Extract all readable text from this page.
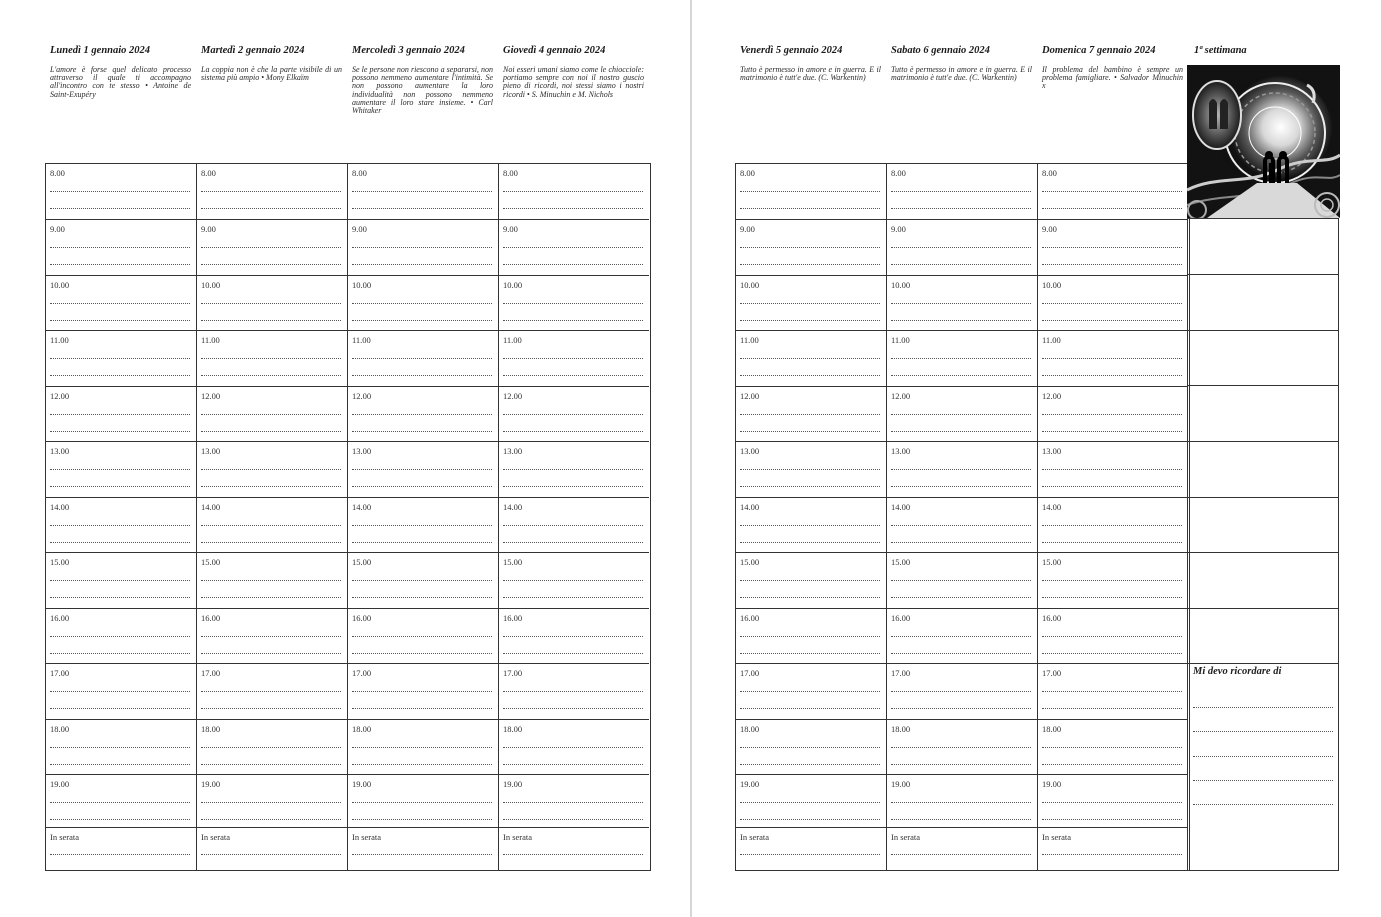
Lunedì 1 gennaio 2024
L'amore è forse quel delicato processo attraverso il quale ti accompagno all'incontro con te stesso • Antoine de Saint-Exupéry
8.00
9.00
10.00
11.00
12.00
13.00
14.00
15.00
16.00
17.00
18.00
19.00
In serata
Martedì 2 gennaio 2024
La coppia non è che la parte visibile di un sistema più ampio • Mony Elkaïm
8.00
9.00
10.00
11.00
12.00
13.00
14.00
15.00
16.00
17.00
18.00
19.00
In serata
Mercoledì 3 gennaio 2024
Se le persone non riescono a separarsi, non possono nemmeno aumentare l'intimità. Se non possono aumentare la loro individualità non possono nemmeno aumentare il loro stare insieme. • Carl Whitaker
8.00
9.00
10.00
11.00
12.00
13.00
14.00
15.00
16.00
17.00
18.00
19.00
In serata
Giovedì 4 gennaio 2024
Noi esseri umani siamo come le chiocciole: portiamo sempre con noi il nostro guscio pieno di ricordi, noi stessi siamo i nostri ricordi • S. Minuchin e M. Nichols
8.00
9.00
10.00
11.00
12.00
13.00
14.00
15.00
16.00
17.00
18.00
19.00
In serata
Venerdì 5 gennaio 2024
Tutto è permesso in amore e in guerra. E il matrimonio è tutt'e due. (C. Warkentin)
8.00
9.00
10.00
11.00
12.00
13.00
14.00
15.00
16.00
17.00
18.00
19.00
In serata
Sabato 6 gennaio 2024
Tutto è permesso in amore e in guerra. E il matrimonio è tutt'e due. (C. Warkentin)
8.00
9.00
10.00
11.00
12.00
13.00
14.00
15.00
16.00
17.00
18.00
19.00
In serata
Domenica 7 gennaio 2024
Il problema del bambino è sempre un problema famigliare. • Salvador Minuchin x
8.00
9.00
10.00
11.00
12.00
13.00
14.00
15.00
16.00
17.00
18.00
19.00
In serata
1ª settimana
Mi devo ricordare di
